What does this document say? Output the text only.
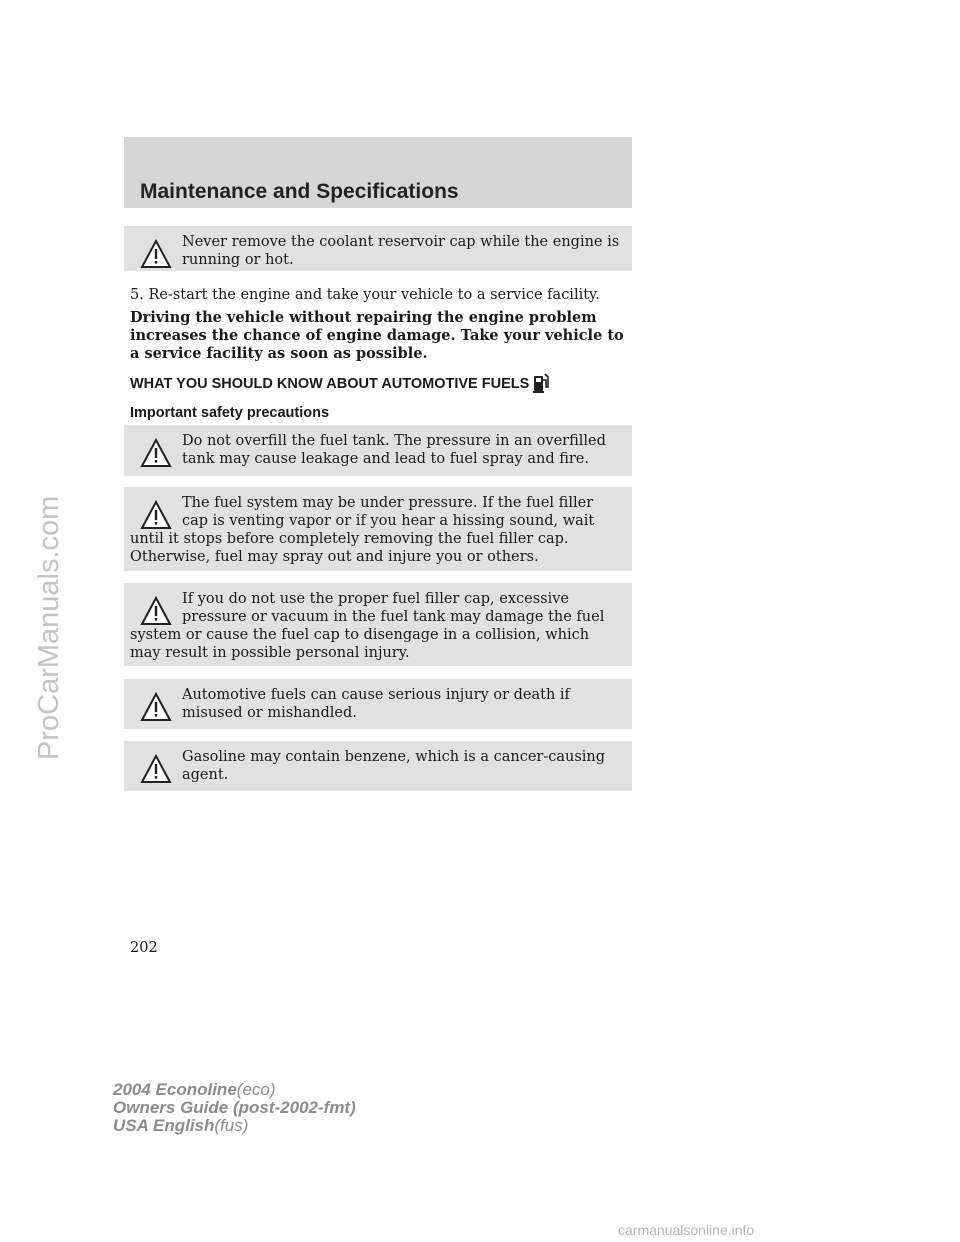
ProCarManuals.com
Maintenance and Specifications

Never remove the coolant reservoir cap while the engine is running or hot.

5. Re-start the engine and take your vehicle to a service facility.

Driving the vehicle without repairing the engine problem increases the chance of engine damage. Take your vehicle to a service facility as soon as possible.

WHAT YOU SHOULD KNOW ABOUT AUTOMOTIVE FUELS

Important safety precautions

Do not overfill the fuel tank. The pressure in an overfilled tank may cause leakage and lead to fuel spray and fire.

The fuel system may be under pressure. If the fuel filler cap is venting vapor or if you hear a hissing sound, wait until it stops before completely removing the fuel filler cap. Otherwise, fuel may spray out and injure you or others.

If you do not use the proper fuel filler cap, excessive pressure or vacuum in the fuel tank may damage the fuel system or cause the fuel cap to disengage in a collision, which may result in possible personal injury.

Automotive fuels can cause serious injury or death if misused or mishandled.

Gasoline may contain benzene, which is a cancer-causing agent.

202
2004 Econoline(eco)
Owners Guide (post-2002-fmt)
USA English(fus)
carmanualsonline.info
